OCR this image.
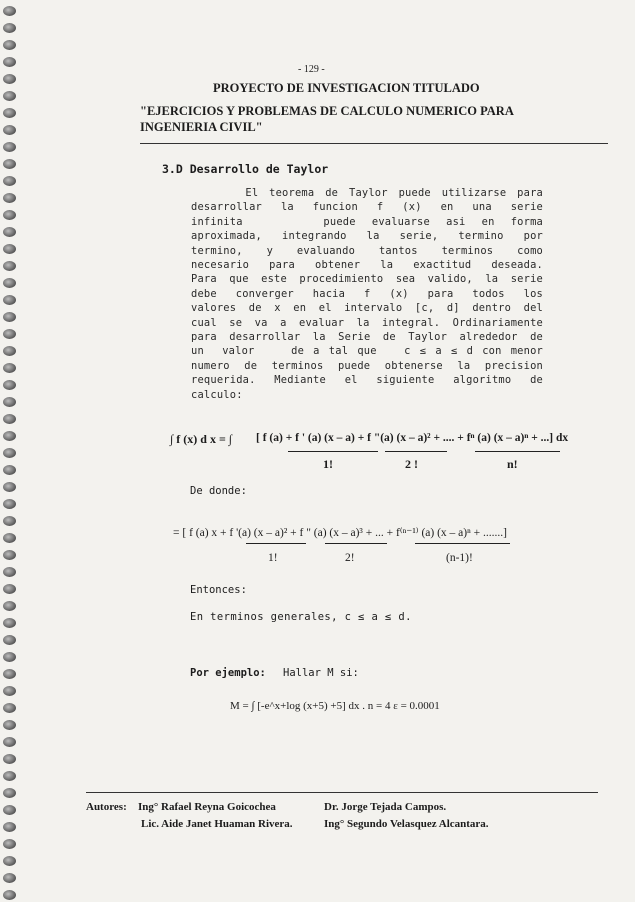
- 129 -
PROYECTO DE INVESTIGACION TITULADO
"EJERCICIOS Y PROBLEMAS DE CALCULO NUMERICO PARA
INGENIERIA CIVIL"
3.D Desarrollo de Taylor
El teorema de Taylor puede utilizarse para
desarrollar  la  funcion  f  (x)  en  una  serie
infinita          puede  evaluarse  asi  en  forma
aproximada,  integrando  la  serie,  termino  por
termino,   y   evaluando   tantos   terminos   como
necesario  para  obtener  la  exactitud  deseada.
Para que este procedimiento sea valido, la serie
debe  converger  hacia  f  (x)  para  todos  los
valores de x en el intervalo [c, d] dentro del
cual se va a evaluar la integral. Ordinariamente
para desarrollar la Serie de Taylor alrededor de
un  valor    de a tal que   c ≤ a ≤ d con menor
numero de terminos puede obtenerse la precision
requerida.  Mediante  el  siguiente  algoritmo  de
calculo:
∫ f (x) d x = ∫ [ f (a) + f ' (a) (x – a) + f "(a) (x – a)² + .... + fⁿ (a) (x – a)ⁿ + ...] dx
1!	2 !	n!
De donde:
= [ f (a) x + f '(a) (x – a)² + f " (a) (x – a)³ + ... + f⁽ⁿ⁻¹⁾ (a) (x – a)ⁿ + .......]
1!	2!	(n-1)!
Entonces:
En terminos generales, c ≤ a ≤ d.
Por ejemplo: Hallar M si:
M = ∫ [-e^x+log (x+5) +5] dx . n = 4 ε = 0.0001
Autores: Ing° Rafael Reyna Goicochea	Dr. Jorge Tejada Campos.
Lic. Aide Janet Huaman Rivera.	Ing° Segundo Velasquez Alcantara.
